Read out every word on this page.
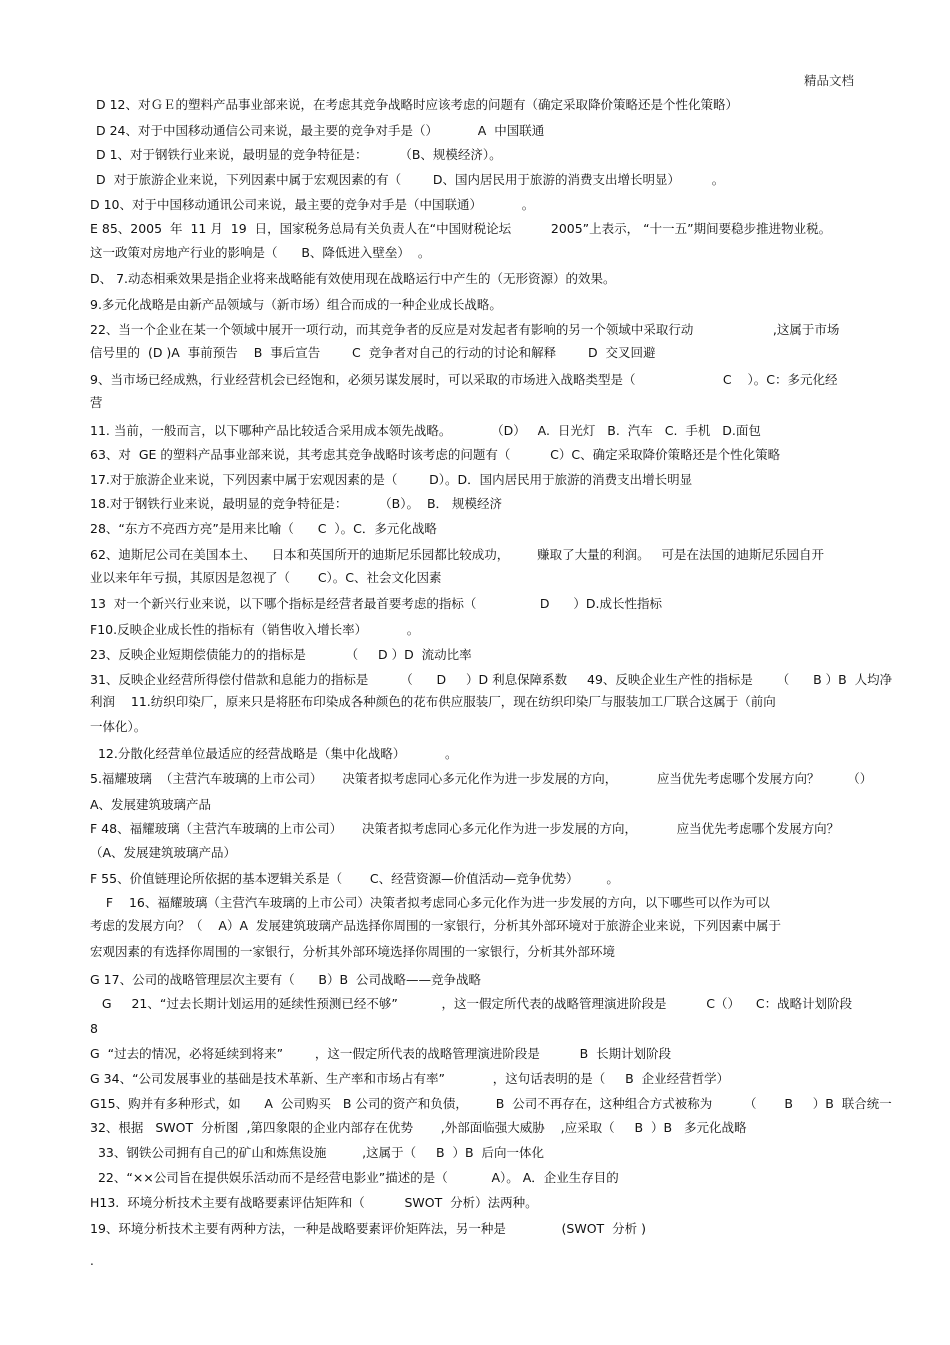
精品文档
D 12、对ＧＥ的塑料产品事业部来说，在考虑其竞争战略时应该考虑的问题有（确定采取降价策略还是个性化策略）
D 24、对于中国移动通信公司来说，最主要的竞争对手是（）          A  中国联通
D 1、对于钢铁行业来说，最明显的竞争特征是：        （B、规模经济）。
D  对于旅游企业来说，下列因素中属于宏观因素的有（        D、国内居民用于旅游的消费支出增长明显）        。
D 10、对于中国移动通讯公司来说，最主要的竞争对手是（中国联通）          。
E 85、2005  年  11 月  19  日，国家税务总局有关负责人在“中国财税论坛          2005”上表示， “十一五”期间要稳步推进物业税。
这一政策对房地产行业的影响是（      B、降低进入壁垒）  。
D、 7.动态相乘效果是指企业将来战略能有效使用现在战略运行中产生的（无形资源）的效果。
9.多元化战略是由新产品领域与（新市场）组合而成的一种企业成长战略。
22、当一个企业在某一个领域中展开一项行动，而其竞争者的反应是对发起者有影响的另一个领域中采取行动                    ,这属于市场
信号里的  (D )A  事前预告    B  事后宣告        C  竞争者对自己的行动的讨论和解释        D  交叉回避
9、当市场已经成熟，行业经营机会已经饱和，必须另谋发展时，可以采取的市场进入战略类型是（                      C    ）。C：多元化经
营
11. 当前，一般而言，以下哪种产品比较适合采用成本领先战略。          （D）   A.  日光灯   B.  汽车   C.  手机   D.面包
63、对  GE 的塑料产品事业部来说，其考虑其竞争战略时该考虑的问题有（          C）C、确定采取降价策略还是个性化策略
17.对于旅游企业来说，下列因素中属于宏观因素的是（        D）。D．国内居民用于旅游的消费支出增长明显
18.对于钢铁行业来说，最明显的竞争特征是：        （B）。  B． 规模经济
28、“东方不亮西方亮”是用来比喻（      C  ）。C．多元化战略
62、迪斯尼公司在美国本土、    日本和英国所开的迪斯尼乐园都比较成功，       赚取了大量的利润。   可是在法国的迪斯尼乐园自开
业以来年年亏损，其原因是忽视了（       C）。C、社会文化因素
13  对一个新兴行业来说，以下哪个指标是经营者最首要考虑的指标（                D      ）D.成长性指标
F10.反映企业成长性的指标有（销售收入增长率）          。
23、反映企业短期偿债能力的的指标是          （     D ）D  流动比率
31、反映企业经营所得偿付借款和息能力的指标是        （      D     ）D 利息保障系数     49、反映企业生产性的指标是      （      B ）B  人均净
利润    11.纺织印染厂，原来只是将胚布印染成各种颜色的花布供应服装厂，现在纺织印染厂与服装加工厂联合这属于（前向
一体化）。
12.分散化经营单位最适应的经营战略是（集中化战略）          。
5.福耀玻璃  （主营汽车玻璃的上市公司）     决策者拟考虑同心多元化作为进一步发展的方向，          应当优先考虑哪个发展方向？       （）
A、发展建筑玻璃产品
F 48、福耀玻璃（主营汽车玻璃的上市公司）     决策者拟考虑同心多元化作为进一步发展的方向，          应当优先考虑哪个发展方向？
（A、发展建筑玻璃产品）
F 55、价值链理论所依据的基本逻辑关系是（       C、经营资源—价值活动—竞争优势）       。
F    16、福耀玻璃（主营汽车玻璃的上市公司）决策者拟考虑同心多元化作为进一步发展的方向，以下哪些可以作为可以
考虑的发展方向？（    A）A  发展建筑玻璃产品选择你周围的一家银行，分析其外部环境对于旅游企业来说，下列因素中属于
宏观因素的有选择你周围的一家银行，分析其外部环境选择你周围的一家银行，分析其外部环境
G 17、公司的战略管理层次主要有（      B）B  公司战略——竞争战略
G     21、“过去长期计划运用的延续性预测已经不够”           ，这一假定所代表的战略管理演进阶段是          C（）    C：战略计划阶段
8
G  “过去的情况，必将延续到将来”        ，这一假定所代表的战略管理演进阶段是          B  长期计划阶段
G 34、“公司发展事业的基础是技术革新、生产率和市场占有率”            ，这句话表明的是（     B  企业经营哲学）
G15、购并有多种形式，如      A  公司购买   B 公司的资产和负债，       B  公司不再存在，这种组合方式被称为        （       B     ）B  联合统一
32、根据   SWOT  分析图  ,第四象限的企业内部存在优势       ,外部面临强大威胁    ,应采取（     B  ）B   多元化战略
33、钢铁公司拥有自己的矿山和炼焦设施         ,这属于（     B  ）B  后向一体化
22、“××公司旨在提供娱乐活动而不是经营电影业”描述的是（           A）。 A．企业生存目的
H13.  环境分析技术主要有战略要素评估矩阵和（          SWOT  分析）法两种。
19、环境分析技术主要有两种方法，一种是战略要素评价矩阵法，另一种是              (SWOT  分析 )
.
